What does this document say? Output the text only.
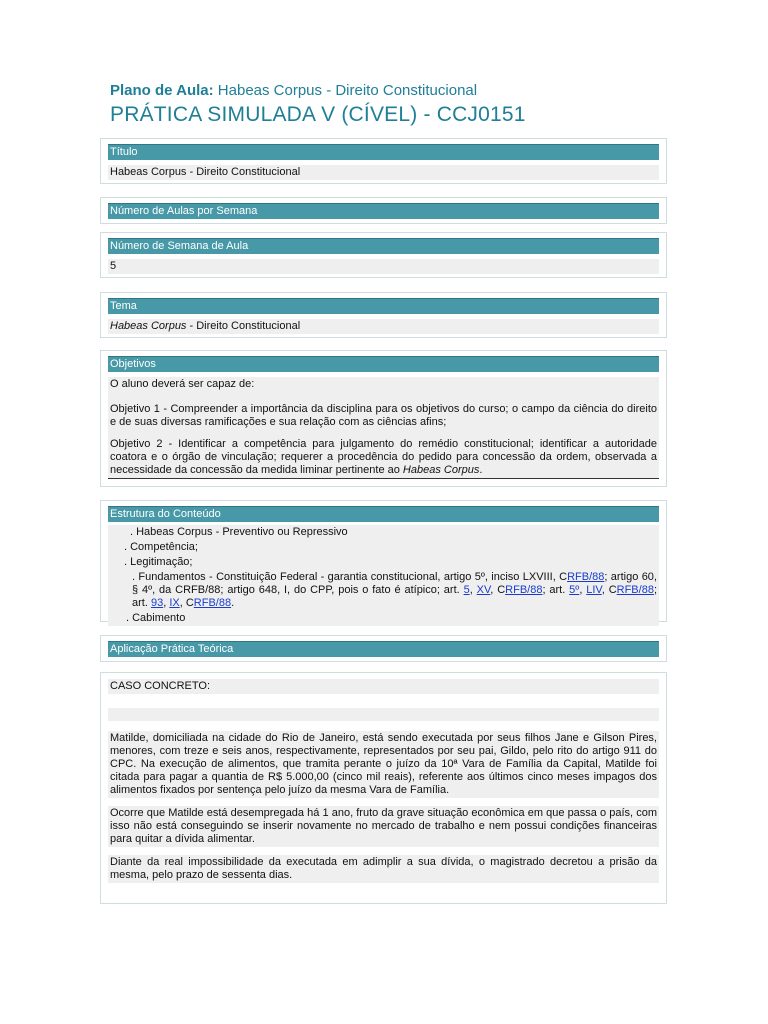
Plano de Aula: Habeas Corpus - Direito Constitucional
PRÁTICA SIMULADA V (CÍVEL) - CCJ0151
Título
Habeas Corpus - Direito Constitucional
Número de Aulas por Semana
Número de Semana de Aula
5
Tema
Habeas Corpus - Direito Constitucional
Objetivos
O aluno deverá ser capaz de:
Objetivo 1 - Compreender a importância da disciplina para os objetivos do curso; o campo da ciência do direito e de suas diversas ramificações e sua relação com as ciências afins;
Objetivo 2 - Identificar a competência para julgamento do remédio constitucional; identificar a autoridade coatora e o órgão de vinculação; requerer a procedência do pedido para concessão da ordem, observada a necessidade da concessão da medida liminar pertinente ao Habeas Corpus.
Estrutura do Conteúdo
. Habeas Corpus - Preventivo ou Repressivo
. Competência;
. Legitimação;
. Fundamentos - Constituição Federal - garantia constitucional, artigo 5º, inciso LXVIII, CRFB/88; artigo 60, § 4º, da CRFB/88; artigo 648, I, do CPP, pois o fato é atípico; art. 5, XV, CRFB/88; art. 5º, LIV, CRFB/88; art. 93, IX, CRFB/88.
. Cabimento
Aplicação Prática Teórica
CASO CONCRETO:
Matilde, domiciliada na cidade do Rio de Janeiro, está sendo executada por seus filhos Jane e Gilson Pires, menores, com treze e seis anos, respectivamente, representados por seu pai, Gildo, pelo rito do artigo 911 do CPC. Na execução de alimentos, que tramita perante o juízo da 10ª Vara de Família da Capital, Matilde foi citada para pagar a quantia de R$ 5.000,00 (cinco mil reais), referente aos últimos cinco meses impagos dos alimentos fixados por sentença pelo juízo da mesma Vara de Família.
Ocorre que Matilde está desempregada há 1 ano, fruto da grave situação econômica em que passa o país, com isso não está conseguindo se inserir novamente no mercado de trabalho e nem possui condições financeiras para quitar a dívida alimentar.
Diante da real impossibilidade da executada em adimplir a sua dívida, o magistrado decretou a prisão da mesma, pelo prazo de sessenta dias.
